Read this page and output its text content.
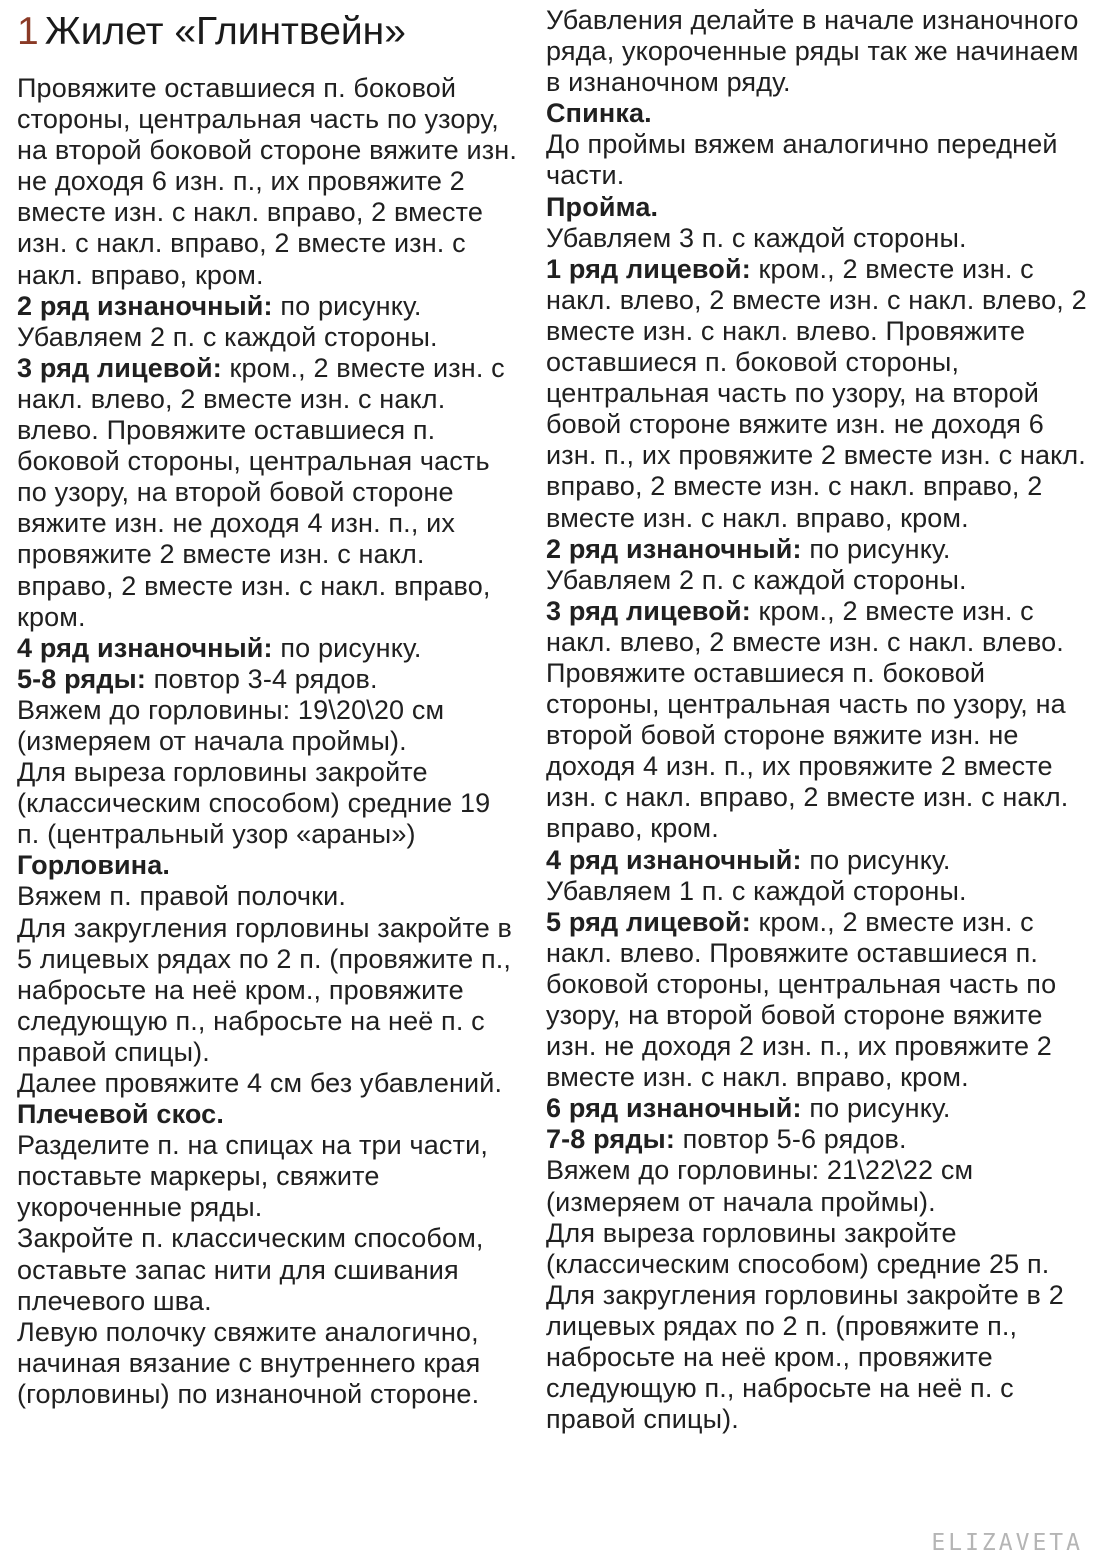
1 Жилет «Глинтвейн»

Провяжите оставшиеся п. боковой стороны, центральная часть по узору, на второй боковой стороне вяжите изн. не доходя 6 изн. п., их провяжите 2 вместе изн. с накл. вправо, 2 вместе изн. с накл. вправо, 2 вместе изн. с накл. вправо, кром.

2 ряд изнаночный: по рисунку.

Убавляем 2 п. с каждой стороны.

3 ряд лицевой: кром., 2 вместе изн. с накл. влево, 2 вместе изн. с накл. влево. Провяжите оставшиеся п. боковой стороны, центральная часть по узору, на второй бовой стороне вяжите изн. не доходя 4 изн. п., их провяжите 2 вместе изн. с накл. вправо, 2 вместе изн. с накл. вправо, кром.

4 ряд изнаночный: по рисунку.

5-8 ряды: повтор 3-4 рядов.

Вяжем до горловины: 19\20\20 см (измеряем от начала проймы).

Для выреза горловины закройте (классическим способом) средние 19 п. (центральный узор «араны»)

Горловина.

Вяжем п. правой полочки.

Для закругления горловины закройте в 5 лицевых рядах по 2 п. (провяжите п., набросьте на неё кром., провяжите следующую п., набросьте на неё п. с правой спицы).

Далее провяжите 4 см без убавлений.

Плечевой скос.

Разделите п. на спицах на три части, поставьте маркеры, свяжите укороченные ряды.

Закройте п. классическим способом, оставьте запас нити для сшивания плечевого шва.

Левую полочку свяжите аналогично, начиная вязание с внутреннего края (горловины) по изнаночной стороне.

Убавления делайте в начале изнаночного ряда, укороченные ряды так же начинаем в изнаночном ряду.

Спинка.

До проймы вяжем аналогично передней части.

Пройма.

Убавляем 3 п. с каждой стороны.

1 ряд лицевой: кром., 2 вместе изн. с накл. влево, 2 вместе изн. с накл. влево, 2 вместе изн. с накл. влево. Провяжите оставшиеся п. боковой стороны, центральная часть по узору, на второй бовой стороне вяжите изн. не доходя 6 изн. п., их провяжите 2 вместе изн. с накл. вправо, 2 вместе изн. с накл. вправо, 2 вместе изн. с накл. вправо, кром.

2 ряд изнаночный: по рисунку.

Убавляем 2 п. с каждой стороны.

3 ряд лицевой: кром., 2 вместе изн. с накл. влево, 2 вместе изн. с накл. влево. Провяжите оставшиеся п. боковой стороны, центральная часть по узору, на второй бовой стороне вяжите изн. не доходя 4 изн. п., их провяжите 2 вместе изн. с накл. вправо, 2 вместе изн. с накл. вправо, кром.

4 ряд изнаночный: по рисунку.

Убавляем 1 п. с каждой стороны.

5 ряд лицевой: кром., 2 вместе изн. с накл. влево. Провяжите оставшиеся п. боковой стороны, центральная часть по узору, на второй бовой стороне вяжите изн. не доходя 2 изн. п., их провяжите 2 вместе изн. с накл. вправо, кром.

6 ряд изнаночный: по рисунку.

7-8 ряды: повтор 5-6 рядов.

Вяжем до горловины: 21\22\22 см (измеряем от начала проймы).

Для выреза горловины закройте (классическим способом) средние 25 п.

Для закругления горловины закройте в 2 лицевых рядах по 2 п. (провяжите п., набросьте на неё кром., провяжите следующую п., набросьте на неё п. с правой спицы).

ELIZAVETA
